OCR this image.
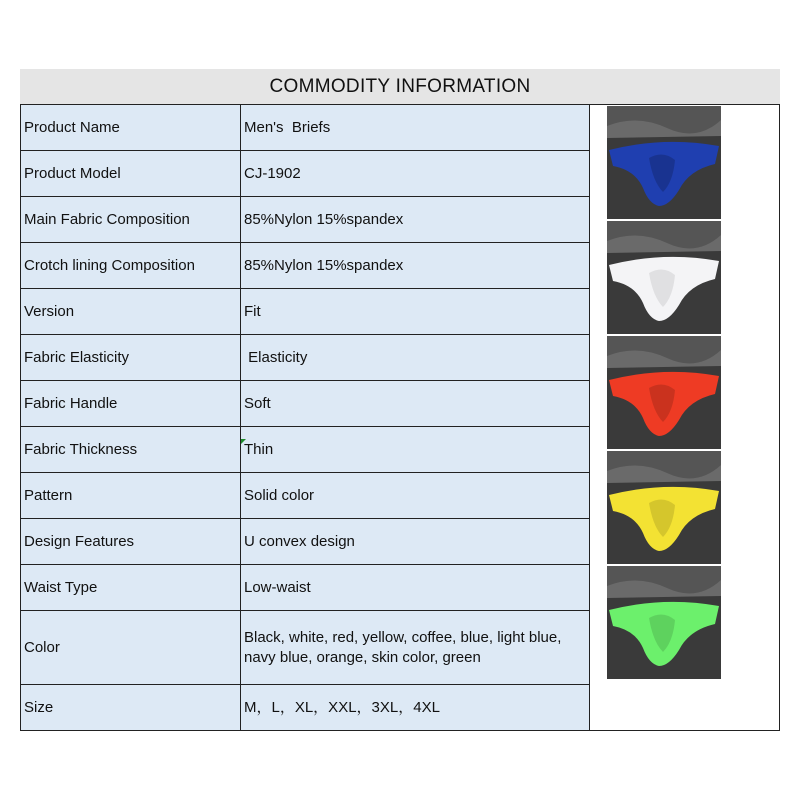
COMMODITY INFORMATION
Product Name	Men's  Briefs
Product Model	CJ-1902
Main Fabric Composition	85%Nylon 15%spandex
Crotch lining Composition	85%Nylon 15%spandex
Version	Fit
Fabric Elasticity	Elasticity
Fabric Handle	Soft
Fabric Thickness	Thin
Pattern	Solid color
Design Features	U convex design
Waist Type	Low-waist
Color	Black, white, red, yellow, coffee, blue, light blue, navy blue, orange, skin color, green
Size	M，L，XL，XXL，3XL，4XL
